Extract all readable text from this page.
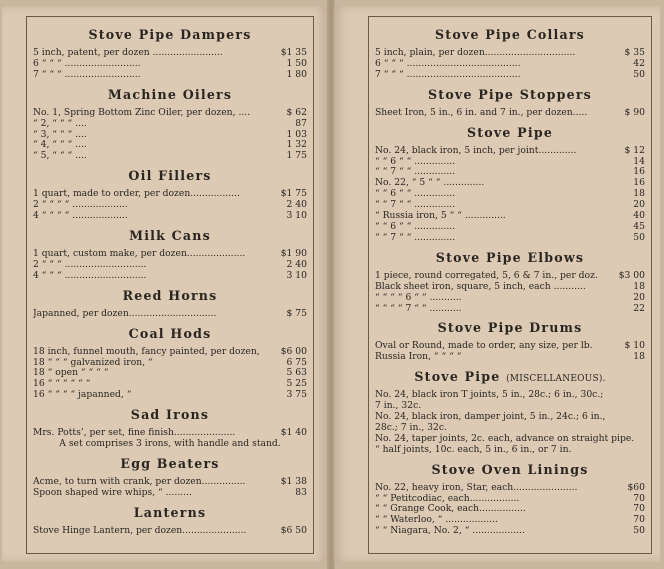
Stove Pipe Dampers
5 inch, patent, per dozen ........................	$1 35
6 “ “ “ ..........................	1 50
7 “ “ “ ..........................	1 80
Machine Oilers
No. 1, Spring Bottom Zinc Oiler, per dozen, ....	$ 62
“ 2, “ “ “ ....	87
“ 3, “ “ “ ....	1 03
“ 4, “ “ “ ....	1 32
“ 5, “ “ “ ....	1 75
Oil Fillers
1 quart, made to order, per dozen.................	$1 75
2 “ “ “ “ ...................	2 40
4 “ “ “ “ ...................	3 10
Milk Cans
1 quart, custom make, per dozen....................	$1 90
2 “ “ “ ............................	2 40
4 “ “ “ ............................	3 10
Reed Horns
Japanned, per dozen..............................	$ 75
Coal Hods
18 inch, funnel mouth, fancy painted, per dozen,	$6 00
18 “ “ “ galvanized iron, “	6 75
18 “ open “ “ “ “	5 63
16 “ “ “ “ “ “	5 25
16 “ “ “ “ japanned, “	3 75
Sad Irons
Mrs. Potts’, per set, fine finish.....................	$1 40
A set comprises 3 irons, with handle and stand.
Egg Beaters
Acme, to turn with crank, per dozen...............	$1 38
Spoon shaped wire whips, “ .........	83
Lanterns
Stove Hinge Lantern, per dozen......................	$6 50
Stove Pipe Collars
5 inch, plain, per dozen...............................	$ 35
6 “ “ “ .......................................	42
7 “ “ “ .......................................	50
Stove Pipe Stoppers
Sheet Iron, 5 in., 6 in. and 7 in., per dozen.....	$ 90
Stove Pipe
No. 24, black iron, 5 inch, per joint.............	$ 12
“ “ 6 “ “ ..............	14
“ “ 7 “ “ ..............	16
No. 22, “ 5 “ “ ..............	16
“ “ 6 “ “ ..............	18
“ “ 7 “ “ ..............	20
“ Russia iron, 5 “ “ ..............	40
“ “ 6 “ “ ..............	45
“ “ 7 “ “ ..............	50
Stove Pipe Elbows
1 piece, round corregated, 5, 6 & 7 in., per doz.	$3 00
Black sheet iron, square, 5 inch, each ...........	18
“ “ “ “ 6 “ “ ...........	20
“ “ “ “ 7 “ “ ...........	22
Stove Pipe Drums
Oval or Round, made to order, any size, per lb.	$ 10
Russia Iron, “ “ “ “	18
Stove Pipe (MISCELLANEOUS).
No. 24, black iron T joints, 5 in., 28c.; 6 in., 30c.;
7 in., 32c.
No. 24, black iron, damper joint, 5 in., 24c.; 6 in.,
28c.; 7 in., 32c.
No. 24, taper joints, 2c. each, advance on straight pipe.
“ half joints, 10c. each, 5 in., 6 in., or 7 in.
Stove Oven Linings
No. 22, heavy iron, Star, each......................	$60
“ “ Petitcodiac, each.................	70
“ “ Grange Cook, each................	70
“ “ Waterloo, “ ..................	70
“ “ Niagara, No. 2, “ ..................	50
